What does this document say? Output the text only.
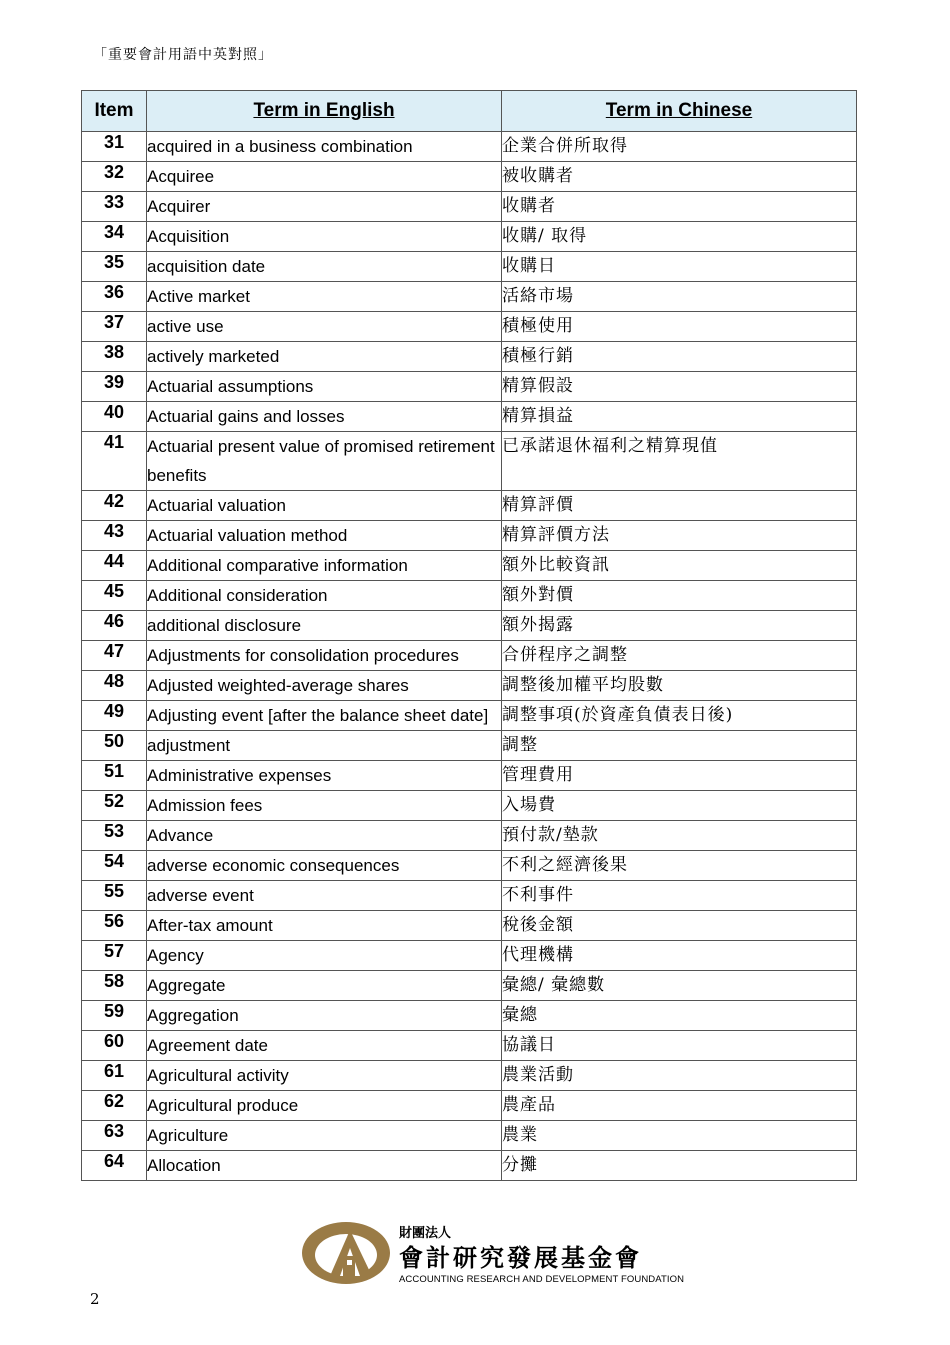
「重要會計用語中英對照」
Item	Term in English	Term in Chinese
31	acquired in a business combination	企業合併所取得
32	Acquiree	被收購者
33	Acquirer	收購者
34	Acquisition	收購/ 取得
35	acquisition date	收購日
36	Active market	活絡市場
37	active use	積極使用
38	actively marketed	積極行銷
39	Actuarial assumptions	精算假設
40	Actuarial gains and losses	精算損益
41	Actuarial present value of promised retirement benefits	已承諾退休福利之精算現值
42	Actuarial valuation	精算評價
43	Actuarial valuation method	精算評價方法
44	Additional comparative information	額外比較資訊
45	Additional consideration	額外對價
46	additional disclosure	額外揭露
47	Adjustments for consolidation procedures	合併程序之調整
48	Adjusted weighted-average shares	調整後加權平均股數
49	Adjusting event [after the balance sheet date]	調整事項(於資產負債表日後)
50	adjustment	調整
51	Administrative expenses	管理費用
52	Admission fees	入場費
53	Advance	預付款/墊款
54	adverse economic consequences	不利之經濟後果
55	adverse event	不利事件
56	After-tax amount	稅後金額
57	Agency	代理機構
58	Aggregate	彙總/ 彙總數
59	Aggregation	彙總
60	Agreement date	協議日
61	Agricultural activity	農業活動
62	Agricultural produce	農產品
63	Agriculture	農業
64	Allocation	分攤
財團法人
會計研究發展基金會
ACCOUNTING RESEARCH AND DEVELOPMENT FOUNDATION
2
